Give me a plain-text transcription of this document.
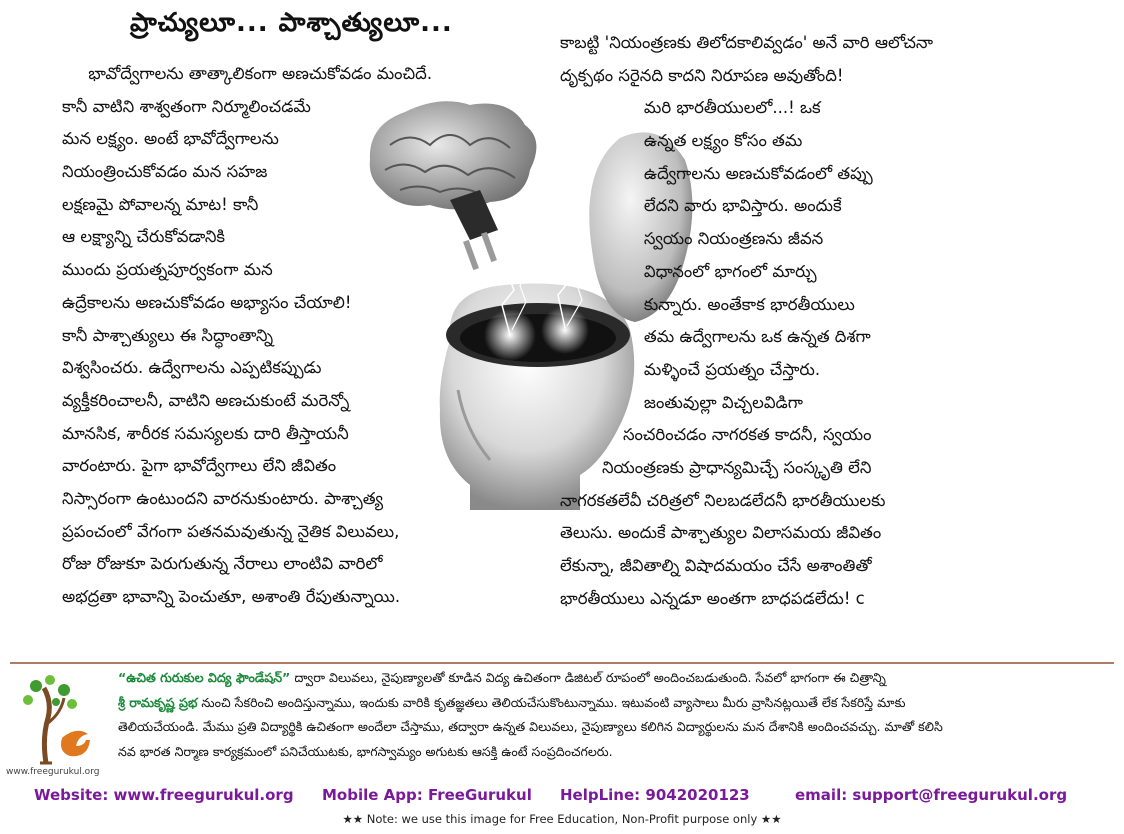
ప్రాచ్యులూ... పాశ్చాత్యులూ...
భావోద్వేగాలను తాత్కాలికంగా అణచుకోవడం మంచిదే.
కానీ వాటిని శాశ్వతంగా నిర్మూలించడమే
మన లక్ష్యం. అంటే భావోద్వేగాలను
నియంత్రించుకోవడం మన సహజ
లక్షణమై పోవాలన్న మాట! కానీ
ఆ లక్ష్యాన్ని చేరుకోవడానికి
ముందు ప్రయత్నపూర్వకంగా మన
ఉద్రేకాలను అణచుకోవడం అభ్యాసం చేయాలి!
కానీ పాశ్చాత్యులు ఈ సిద్ధాంతాన్ని
విశ్వసించరు. ఉద్వేగాలను ఎప్పటికప్పుడు
వ్యక్తీకరించాలనీ, వాటిని అణచుకుంటే మరెన్నో
మానసిక, శారీరక సమస్యలకు దారి తీస్తాయనీ
వారంటారు. పైగా భావోద్వేగాలు లేని జీవితం
నిస్సారంగా ఉంటుందని వారనుకుంటారు. పాశ్చాత్య
ప్రపంచంలో వేగంగా పతనమవుతున్న నైతిక విలువలు,
రోజు రోజుకూ పెరుగుతున్న నేరాలు లాంటివి వారిలో
అభద్రతా భావాన్ని పెంచుతూ, అశాంతి రేపుతున్నాయి.
కాబట్టి 'నియంత్రణకు తిలోదకాలివ్వడం' అనే వారి ఆలోచనా
దృక్పథం సరైనది కాదని నిరూపణ అవుతోంది!
మరి భారతీయులలో...! ఒక
ఉన్నత లక్ష్యం కోసం తమ
ఉద్వేగాలను అణచుకోవడంలో తప్పు
లేదని వారు భావిస్తారు. అందుకే
స్వయం నియంత్రణను జీవన
విధానంలో భాగంలో మార్చు
కున్నారు. అంతేకాక భారతీయులు
తమ ఉద్వేగాలను ఒక ఉన్నత దిశగా
మళ్ళించే ప్రయత్నం చేస్తారు.
జంతువుల్లా విచ్చలవిడిగా
సంచరించడం నాగరకత కాదనీ, స్వయం
నియంత్రణకు ప్రాధాన్యమిచ్చే సంస్కృతి లేని
నాగరకతలేవీ చరిత్రలో నిలబడలేదనీ భారతీయులకు
తెలుసు. అందుకే పాశ్చాత్యుల విలాసమయ జీవితం
లేకున్నా, జీవితాల్ని విషాదమయం చేసే అశాంతితో
భారతీయులు ఎన్నడూ అంతగా బాధపడలేదు! c
www.freegurukul.org
“ఉచిత గురుకుల విద్య ఫౌండేషన్” ద్వారా విలువలు, నైపుణ్యాలతో కూడిన విద్య ఉచితంగా డిజిటల్ రూపంలో అందించబడుతుంది. సేవలో భాగంగా ఈ చిత్రాన్ని
శ్రీ రామకృష్ణ ప్రభ నుంచి సేకరించి అందిస్తున్నాము, ఇందుకు వారికి కృతజ్ఞతలు తెలియచేసుకొంటున్నాము. ఇటువంటి వ్యాసాలు మీరు వ్రాసినట్లయితే లేక సేకరిస్తే మాకు
తెలియచేయండి. మేము ప్రతి విద్యార్థికి ఉచితంగా అందేలా చేస్తాము, తద్వారా ఉన్నత విలువలు, నైపుణ్యాలు కలిగిన విద్యార్థులను మన దేశానికి అందించవచ్చు. మాతో కలిసి
నవ భారత నిర్మాణ కార్యక్రమంలో పనిచేయుటకు, భాగస్వామ్యం అగుటకు ఆసక్తి ఉంటే సంప్రదించగలరు.
Website: www.freegurukul.org Mobile App: FreeGurukul HelpLine: 9042020123	email: support@freegurukul.org
★★ Note: we use this image for Free Education, Non-Profit purpose only ★★
